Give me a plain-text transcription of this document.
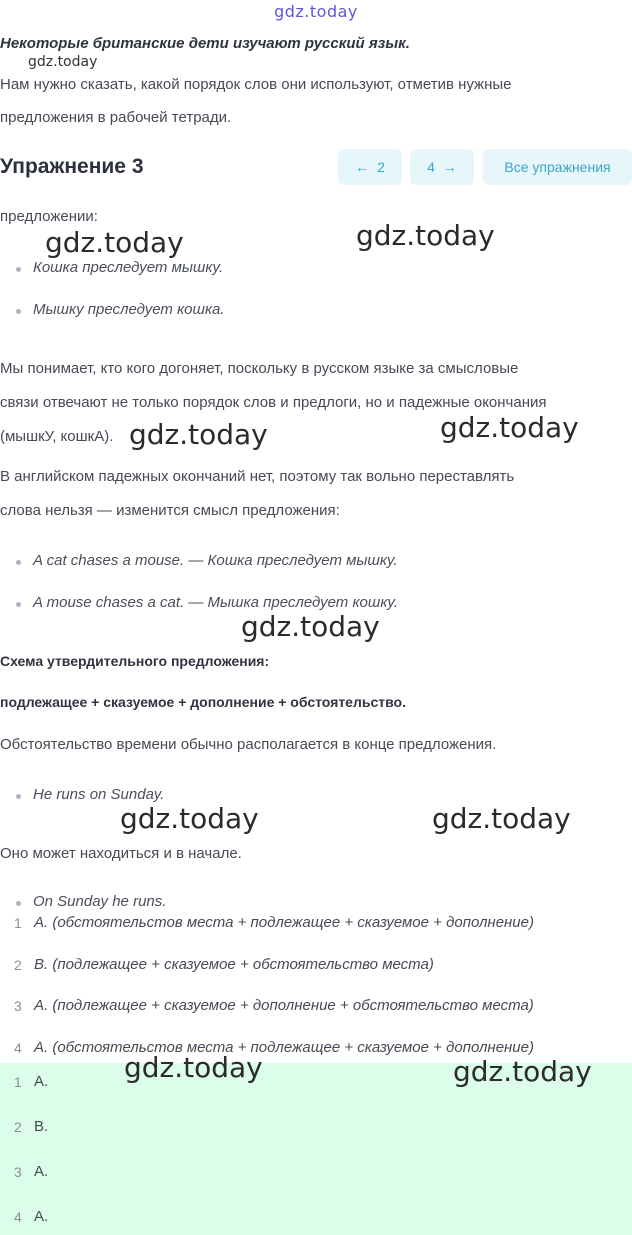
gdz.today
Некоторые британские дети изучают русский язык.
gdz.today
Нам нужно сказать, какой порядок слов они используют, отметив нужные
предложения в рабочей тетради.
Упражнение 3	← 2	4 →	Все упражнения
предложении:
gdz.today	gdz.today
Кошка преследует мышку.
Мышку преследует кошка.
Мы понимает, кто кого догоняет, поскольку в русском языке за смысловые
связи отвечают не только порядок слов и предлоги, но и падежные окончания
(мышкУ, кошкА). gdz.today	gdz.today
В английском падежных окончаний нет, поэтому так вольно переставлять
слова нельзя — изменится смысл предложения:
A cat chases a mouse. — Кошка преследует мышку.
A mouse chases a cat. — Мышка преследует кошку.
gdz.today
Схема утвердительного предложения:
подлежащее + сказуемое + дополнение + обстоятельство.
Обстоятельство времени обычно располагается в конце предложения.
He runs on Sunday.
gdz.today	gdz.today
Оно может находиться и в начале.
On Sunday he runs.
1 A. (обстоятельстов места + подлежащее + сказуемое + дополнение)
2 B. (подлежащее + сказуемое + обстоятельство места)
3 A. (подлежащее + сказуемое + дополнение + обстоятельство места)
4 A. (обстоятельстов места + подлежащее + сказуемое + дополнение)
1 A.
2 B.
3 A.
4 A.
gdz.today	gdz.today
